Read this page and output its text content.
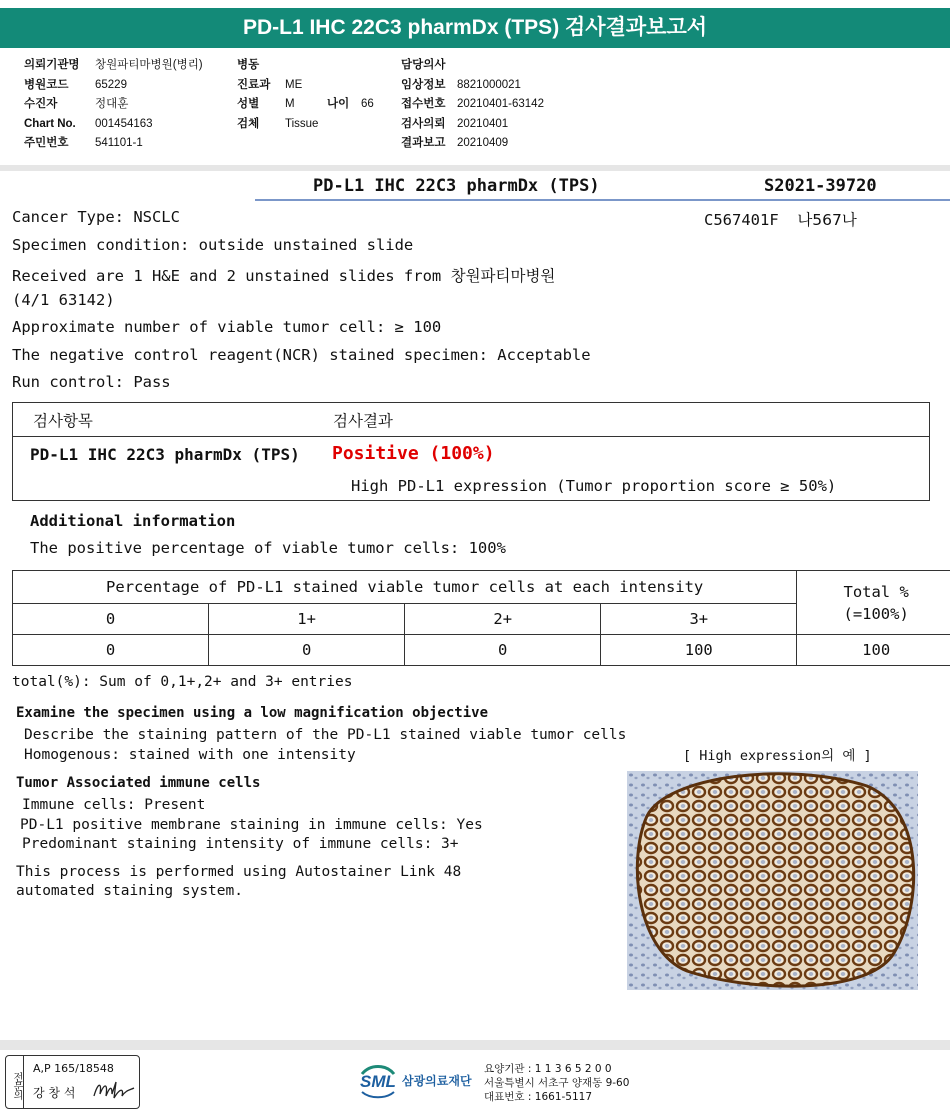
PD-L1 IHC 22C3 pharmDx (TPS) 검사결과보고서
의뢰기관명 창원파티마병원(병리)
병원코드 65229
수진자	정대훈
Chart No. 001454163
주민번호 541101-1
병동
진료과 ME
성별 M	나이 66
검체 Tissue
담당의사
임상정보 8821000021
접수번호 20210401-63142
검사의뢰 20210401
결과보고 20210409
PD-L1 IHC 22C3 pharmDx (TPS)	S2021-39720
C567401F 나567나
Cancer Type: NSCLC
Specimen condition: outside unstained slide
Received are 1 H&E and 2 unstained slides from 창원파티마병원
(4/1 63142)
Approximate number of viable tumor cell: ≥ 100
The negative control reagent(NCR) stained specimen: Acceptable
Run control: Pass
검사항목	검사결과
PD-L1 IHC 22C3 pharmDx (TPS) Positive (100%)
High PD-L1 expression (Tumor proportion score ≥ 50%)
Additional information
The positive percentage of viable tumor cells: 100%
Percentage of PD-L1 stained viable tumor cells at each intensity				Total %
(=100%)

0	1+	2+	3+	
0	0	0	100	100
total(%): Sum of 0,1+,2+ and 3+ entries
Examine the specimen using a low magnification objective
Describe the staining pattern of the PD-L1 stained viable tumor cells
Homogenous: stained with one intensity	[ High expression의 예 ]
Tumor Associated immune cells
Immune cells: Present
PD-L1 positive membrane staining in immune cells: Yes
Predominant staining intensity of immune cells: 3+
This process is performed using Autostainer Link 48
automated staining system.
전문의
A,P 165/18548
강 창 석
SML 삼광의료재단
요양기관 : 1 1 3 6 5 2 0 0
서울특별시 서초구 양재동 9-60
대표번호 : 1661-5117
